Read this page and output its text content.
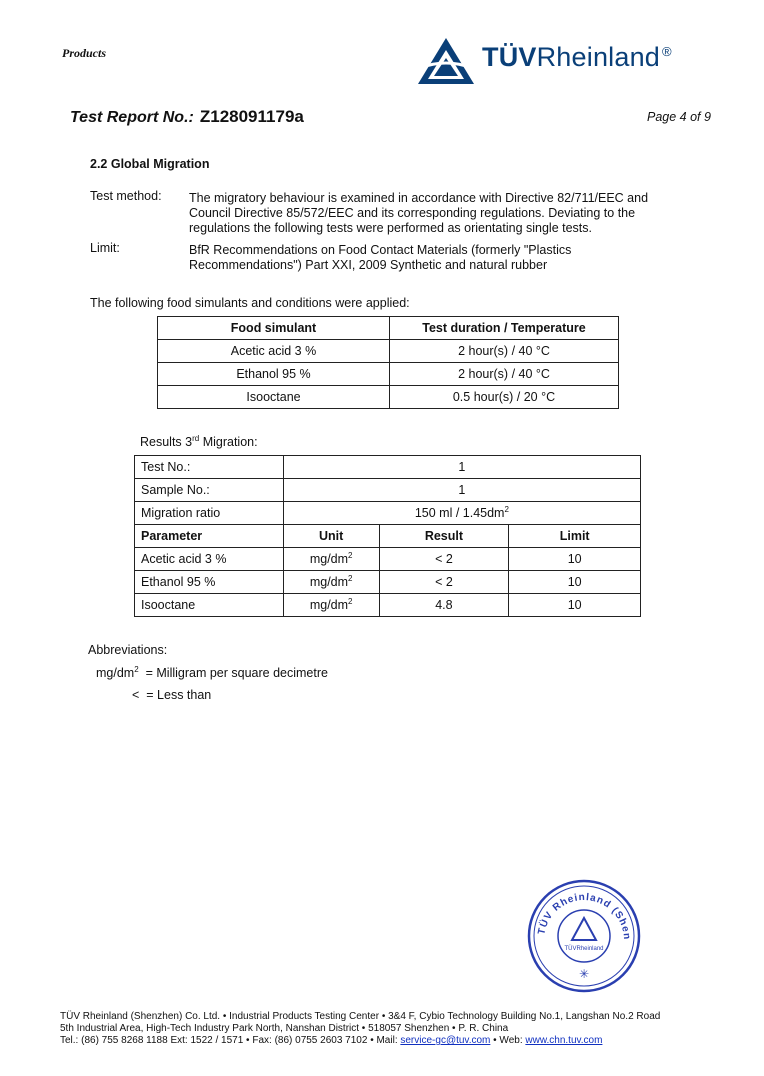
Products	TÜVRheinland ®
Test Report No.: Z128091179a	Page 4 of 9
2.2 Global Migration
Test method: The migratory behaviour is examined in accordance with Directive 82/711/EEC and
Council Directive 85/572/EEC and its corresponding regulations. Deviating to the
regulations the following tests were performed as orientating single tests.
Limit:	BfR Recommendations on Food Contact Materials (formerly "Plastics
Recommendations") Part XXI, 2009 Synthetic and natural rubber
The following food simulants and conditions were applied:
Food simulant	Test duration / Temperature
Acetic acid 3 %	2 hour(s) / 40 °C
Ethanol 95 %	2 hour(s) / 40 °C
Isooctane	0.5 hour(s) / 20 °C
Results 3rd Migration:
Test No.:	1		
Sample No.:	1		
Migration ratio	150 ml / $1.45dm^2$
Parameter	Unit	Result	Limit
Acetic acid 3 %	$mg/dm^2$	< 2	10
Ethanol 95 %	$mg/dm^2$	< 2	10
Isooctane	$mg/dm^2$	4.8	10
Abbreviations:
$mg/dm^2$ = Milligram per square decimetre
< = Less than
TÜV Rheinland (Shen
TÜVRheinland
✳
TÜV Rheinland (Shenzhen) Co. Ltd. • Industrial Products Testing Center • 3&4 F, Cybio Technology Building No.1, Langshan No.2 Road
5th Industrial Area, High-Tech Industry Park North, Nanshan District • 518057 Shenzhen • P. R. China
Tel.: (86) 755 8268 1188 Ext: 1522 / 1571 • Fax: (86) 0755 2603 7102 • Mail: service-gc@tuv.com • Web: www.chn.tuv.com
